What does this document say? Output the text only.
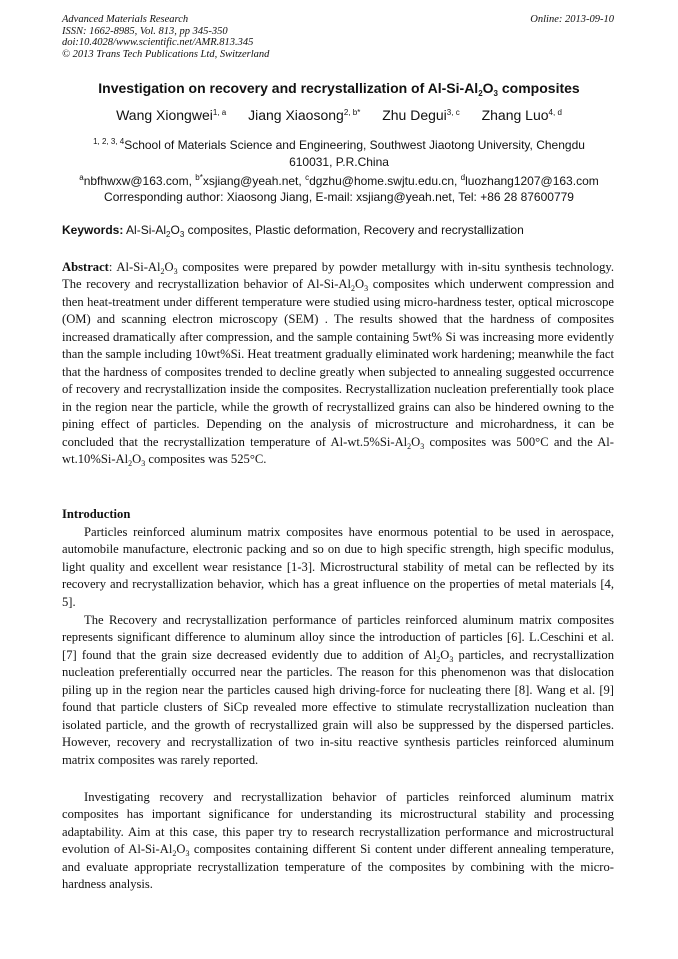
Advanced Materials Research
ISSN: 1662-8985, Vol. 813, pp 345-350
doi:10.4028/www.scientific.net/AMR.813.345
© 2013 Trans Tech Publications Ltd, Switzerland
Online: 2013-09-10
Investigation on recovery and recrystallization of $Al-Si-Al_2O_3$ composites
Wang Xiongwei$^{1, a}$ Jiang Xiaosong$^{2, b*}$ Zhu Degui$^{3, c}$ Zhang Luo$^{4, d}$
$^{1, 2, 3, 4}$School of Materials Science and Engineering, Southwest Jiaotong University, Chengdu
610031, P.R.China
$^a$nbfhwxw@163.com, $^{b*}$xsjiang@yeah.net, $^c$dgzhu@home.swjtu.edu.cn, $^d$luozhang1207@163.com
Corresponding author: Xiaosong Jiang, E-mail: xsjiang@yeah.net, Tel: +86 28 87600779
Keywords: $Al-Si-Al_2O_3$ composites, Plastic deformation, Recovery and recrystallization
Abstract: $Al-Si-Al_2O_3$ composites were prepared by powder metallurgy with in-situ synthesis technology. The recovery and recrystallization behavior of $Al-Si-Al_2O_3$ composites which underwent compression and then heat-treatment under different temperature were studied using micro-hardness tester, optical microscope (OM) and scanning electron microscopy (SEM) . The results showed that the hardness of composites increased dramatically after compression, and the sample containing 5wt% Si was increasing more evidently than the sample including 10wt%Si. Heat treatment gradually eliminated work hardening; meanwhile the fact that the hardness of composites trended to decline greatly when subjected to annealing suggested occurrence of recovery and recrystallization inside the composites. Recrystallization nucleation preferentially took place in the region near the particle, while the growth of recrystallized grains can also be hindered owning to the pining effect of particles. Depending on the analysis of microstructure and microhardness, it can be concluded that the recrystallization temperature of $Al-wt.5\%Si-Al_2O_3$ composites was 500°C and the $Al-wt.10\%Si-Al_2O_3$ composites was 525°C.
Introduction
Particles reinforced aluminum matrix composites have enormous potential to be used in aerospace, automobile manufacture, electronic packing and so on due to high specific strength, high specific modulus, light quality and excellent wear resistance [1-3]. Microstructural stability of metal can be reflected by its recovery and recrystallization behavior, which has a great influence on the properties of metal materials [4, 5].
The Recovery and recrystallization performance of particles reinforced aluminum matrix composites represents significant difference to aluminum alloy since the introduction of particles [6]. L.Ceschini et al. [7] found that the grain size decreased evidently due to addition of $Al_2O_3$ particles, and recrystallization nucleation preferentially occurred near the particles. The reason for this phenomenon was that dislocation piling up in the region near the particles caused high driving-force for nucleating there [8]. Wang et al. [9] found that particle clusters of SiCp revealed more effective to stimulate recrystallization nucleation than isolated particle, and the growth of recrystallized grain will also be suppressed by the dispersed particles. However, recovery and recrystallization of two in-situ reactive synthesis particles reinforced aluminum matrix composites was rarely reported.
Investigating recovery and recrystallization behavior of particles reinforced aluminum matrix composites has important significance for understanding its microstructural stability and processing adaptability. Aim at this case, this paper try to research recrystallization performance and microstructural evolution of $Al-Si-Al_2O_3$ composites containing different Si content under different annealing temperature, and evaluate appropriate recrystallization temperature of the composites by combining with the micro-hardness analysis.
